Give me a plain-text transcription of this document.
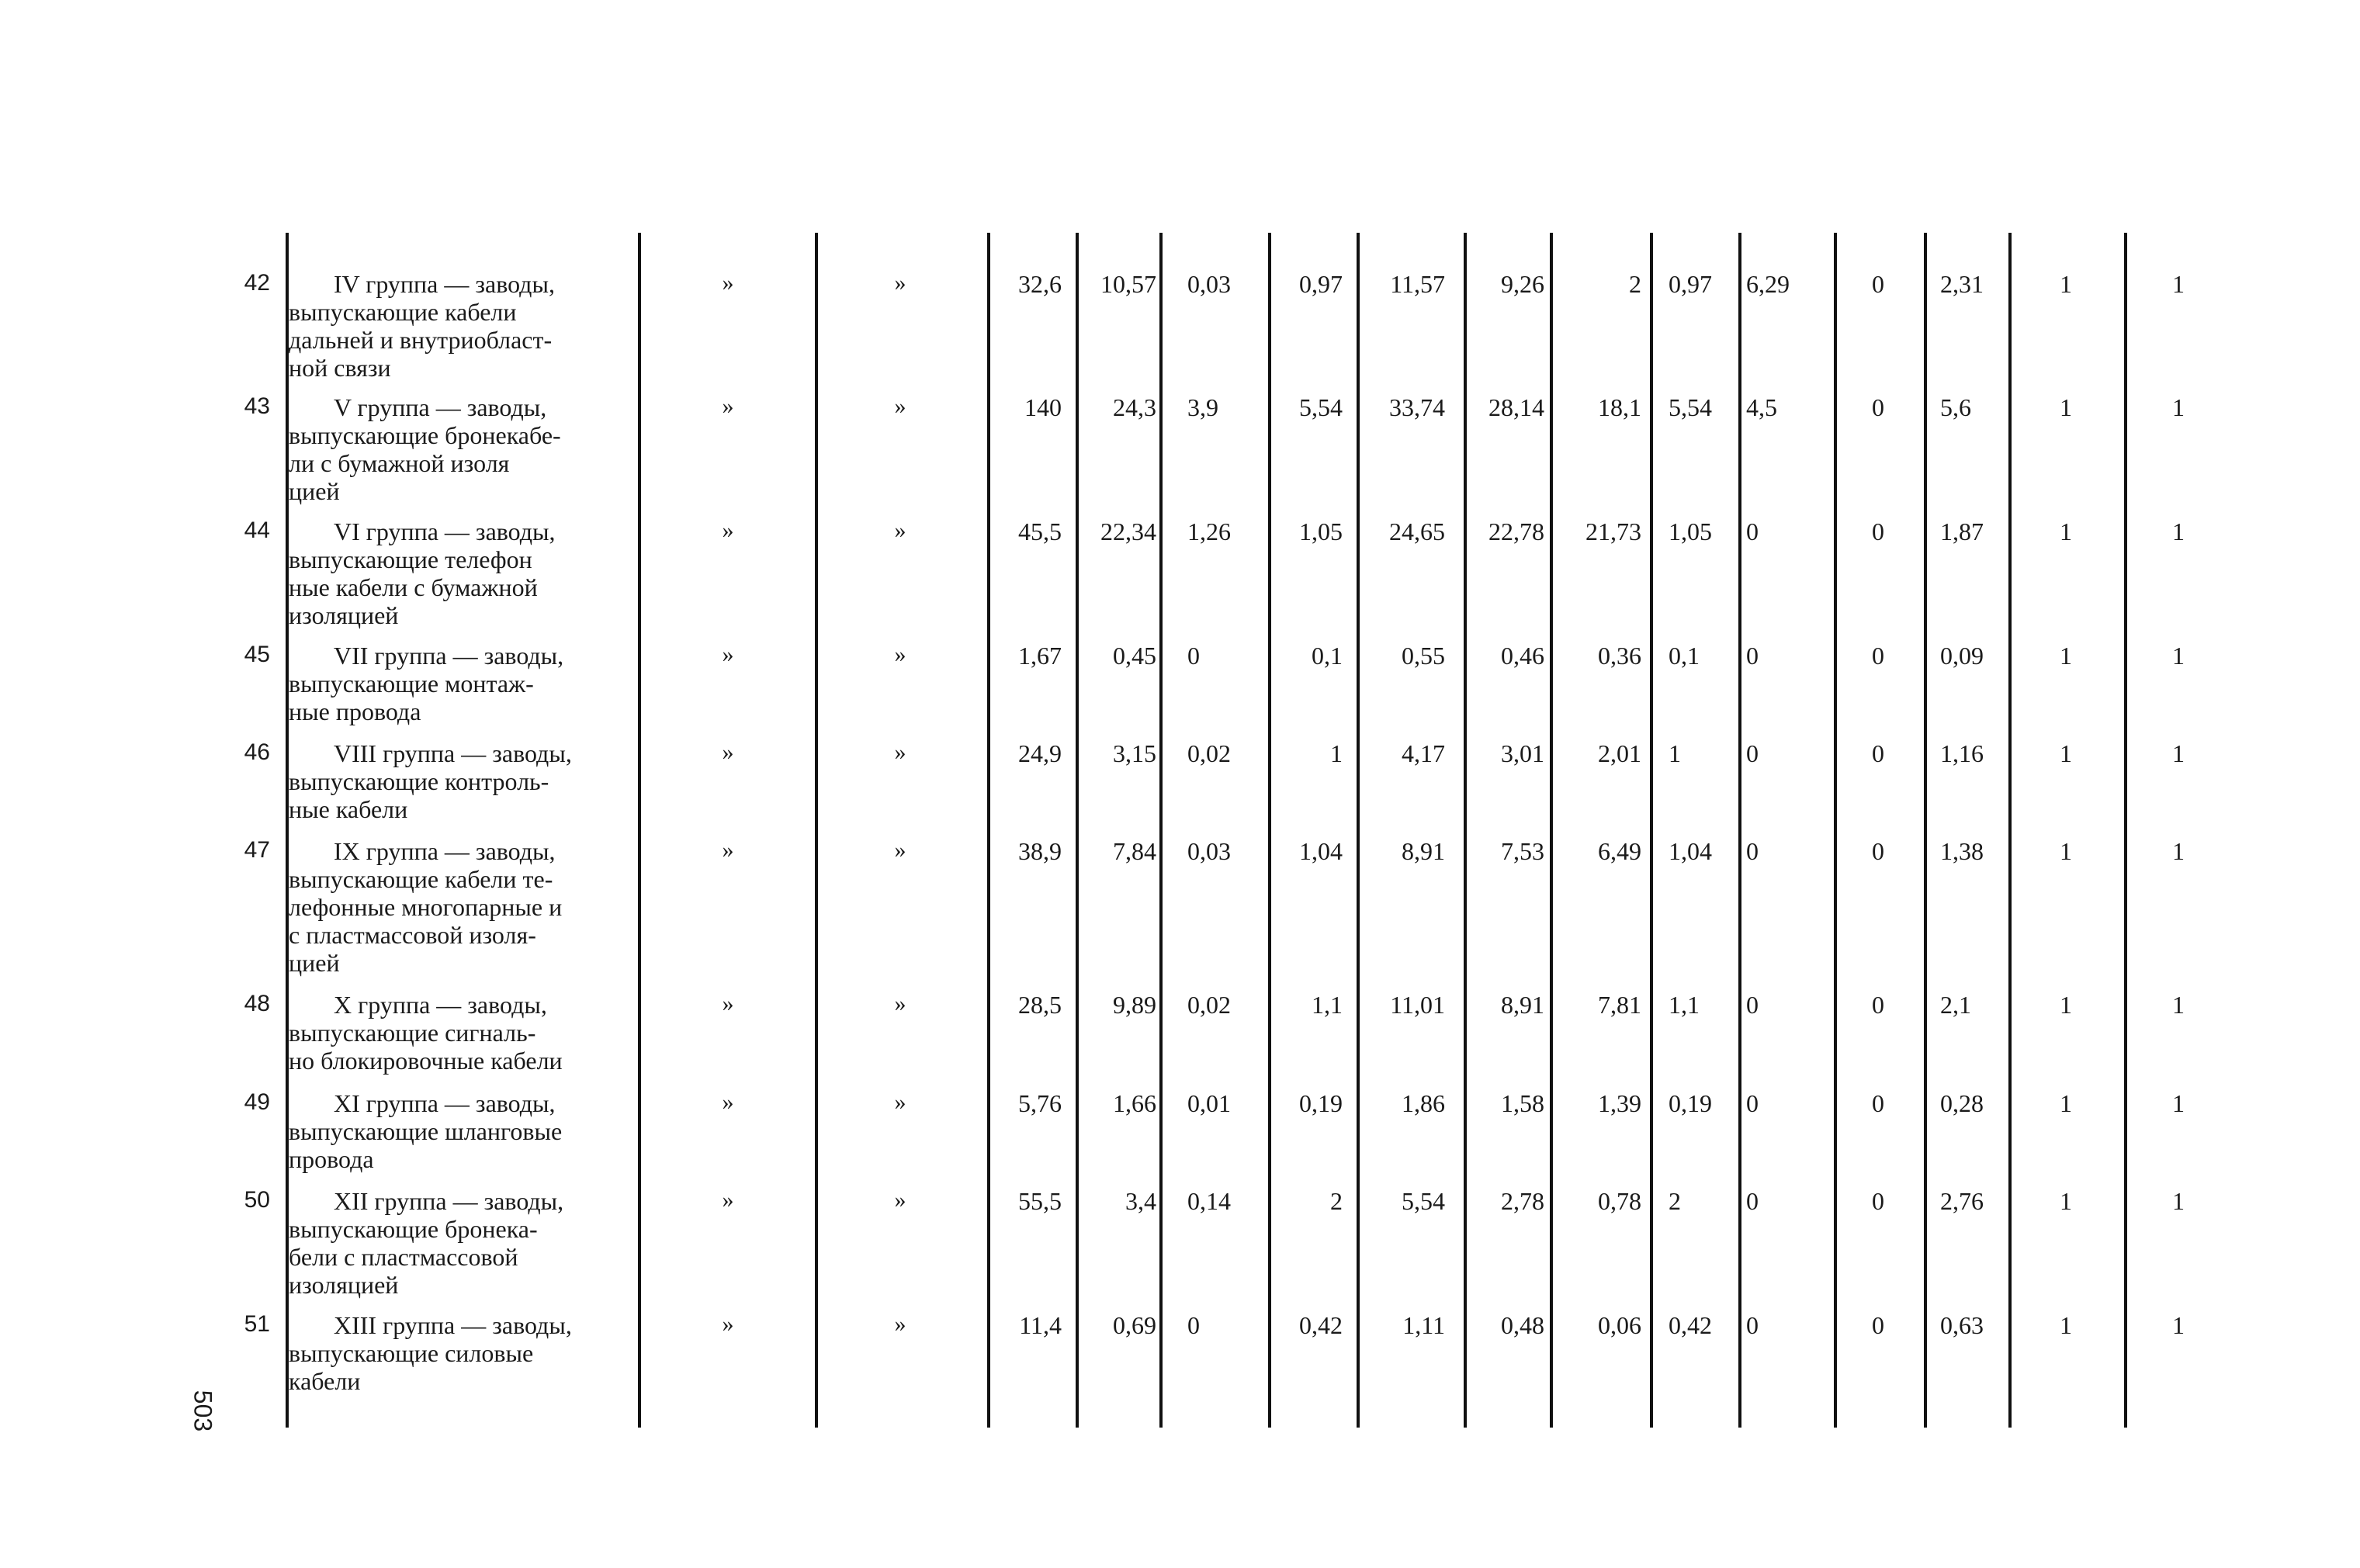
42	IV группа — заводы,
выпускающие кабели
дальней и внутриобласт-
ной связи
»	»	32,6 10,57 0,03	0,97 11,57 9,26	2 0,97 6,29	0	2,31	1	1
43	V группа — заводы,
выпускающие бронекабе-
ли с бумажной изоля
цией
»	»	140 24,3 3,9	5,54 33,74 28,14 18,1 5,54 4,5	0	5,6	1	1
44	VI группа — заводы,
выпускающие телефон
ные кабели с бумажной
изоляцией
»	»	45,5 22,34 1,26	1,05 24,65 22,78 21,73 1,05 0	0	1,87	1	1
45	VII группа — заводы,
выпускающие монтаж-
ные провода
»	»	1,67 0,45 0	0,1 0,55 0,46 0,36 0,1 0	0	0,09	1	1
46	VIII группа — заводы,
выпускающие контроль-
ные кабели
»	»	24,9 3,15 0,02	1 4,17 3,01 2,01 1	0	0	1,16	1	1
47	IX группа — заводы,
выпускающие кабели те-
лефонные многопарные и
с пластмассовой изоля-
цией
»	»	38,9 7,84 0,03	1,04 8,91 7,53 6,49 1,04 0	0	1,38	1	1
48	X группа — заводы,
выпускающие сигналь-
но блокировочные кабели
»	»	28,5 9,89 0,02	1,1 11,01 8,91 7,81 1,1 0	0	2,1	1	1
49	XI группа — заводы,
выпускающие шланговые
провода
»	»	5,76 1,66 0,01	0,19 1,86 1,58 1,39 0,19 0	0	0,28	1	1
50	XII группа — заводы,
выпускающие бронека-
бели с пластмассовой
изоляцией
»	»	55,5	3,4 0,14	2 5,54 2,78 0,78 2	0	0	2,76	1	1
51	XIII группа — заводы,
выпускающие силовые
кабели
»	»	11,4 0,69 0	0,42 1,11 0,48 0,06 0,42 0	0	0,63	1	1
503
